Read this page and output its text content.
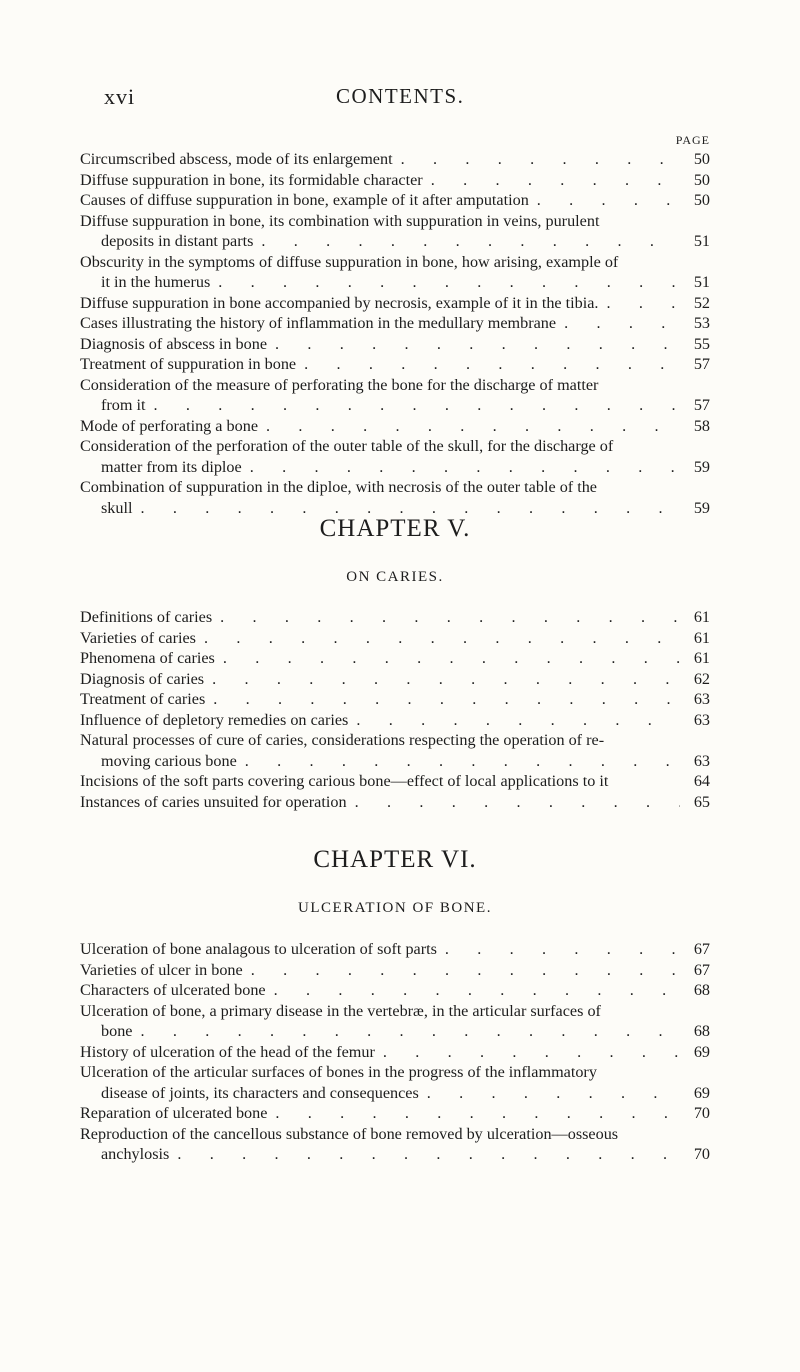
xvi	CONTENTS.
PAGE
Circumscribed abscess, mode of its enlargement .	50
Diffuse suppuration in bone, its formidable character .	50
Causes of diffuse suppuration in bone, example of it after amputation .	50
Diffuse suppuration in bone, its combination with suppuration in veins, purulent
deposits in distant parts .	51
Obscurity in the symptoms of diffuse suppuration in bone, how arising, example of
it in the humerus .	51
Diffuse suppuration in bone accompanied by necrosis, example of it in the tibia. .	52
Cases illustrating the history of inflammation in the medullary membrane .	53
Diagnosis of abscess in bone .	55
Treatment of suppuration in bone .	57
Consideration of the measure of perforating the bone for the discharge of matter
from it .	57
Mode of perforating a bone .	58
Consideration of the perforation of the outer table of the skull, for the discharge of
matter from its diploe .	59
Combination of suppuration in the diploe, with necrosis of the outer table of the
skull .	59
CHAPTER V.
ON CARIES.
Definitions of caries .	61
Varieties of caries .	61
Phenomena of caries .	61
Diagnosis of caries .	62
Treatment of caries .	63
Influence of depletory remedies on caries .	63
Natural processes of cure of caries, considerations respecting the operation of re-
moving carious bone .	63
Incisions of the soft parts covering carious bone—effect of local applications to it	64
Instances of caries unsuited for operation .	65
CHAPTER VI.
ULCERATION OF BONE.
Ulceration of bone analagous to ulceration of soft parts .	67
Varieties of ulcer in bone .	67
Characters of ulcerated bone .	68
Ulceration of bone, a primary disease in the vertebræ, in the articular surfaces of
bone .	68
History of ulceration of the head of the femur .	69
Ulceration of the articular surfaces of bones in the progress of the inflammatory
disease of joints, its characters and consequences .	69
Reparation of ulcerated bone .	70
Reproduction of the cancellous substance of bone removed by ulceration—osseous
anchylosis .	70
